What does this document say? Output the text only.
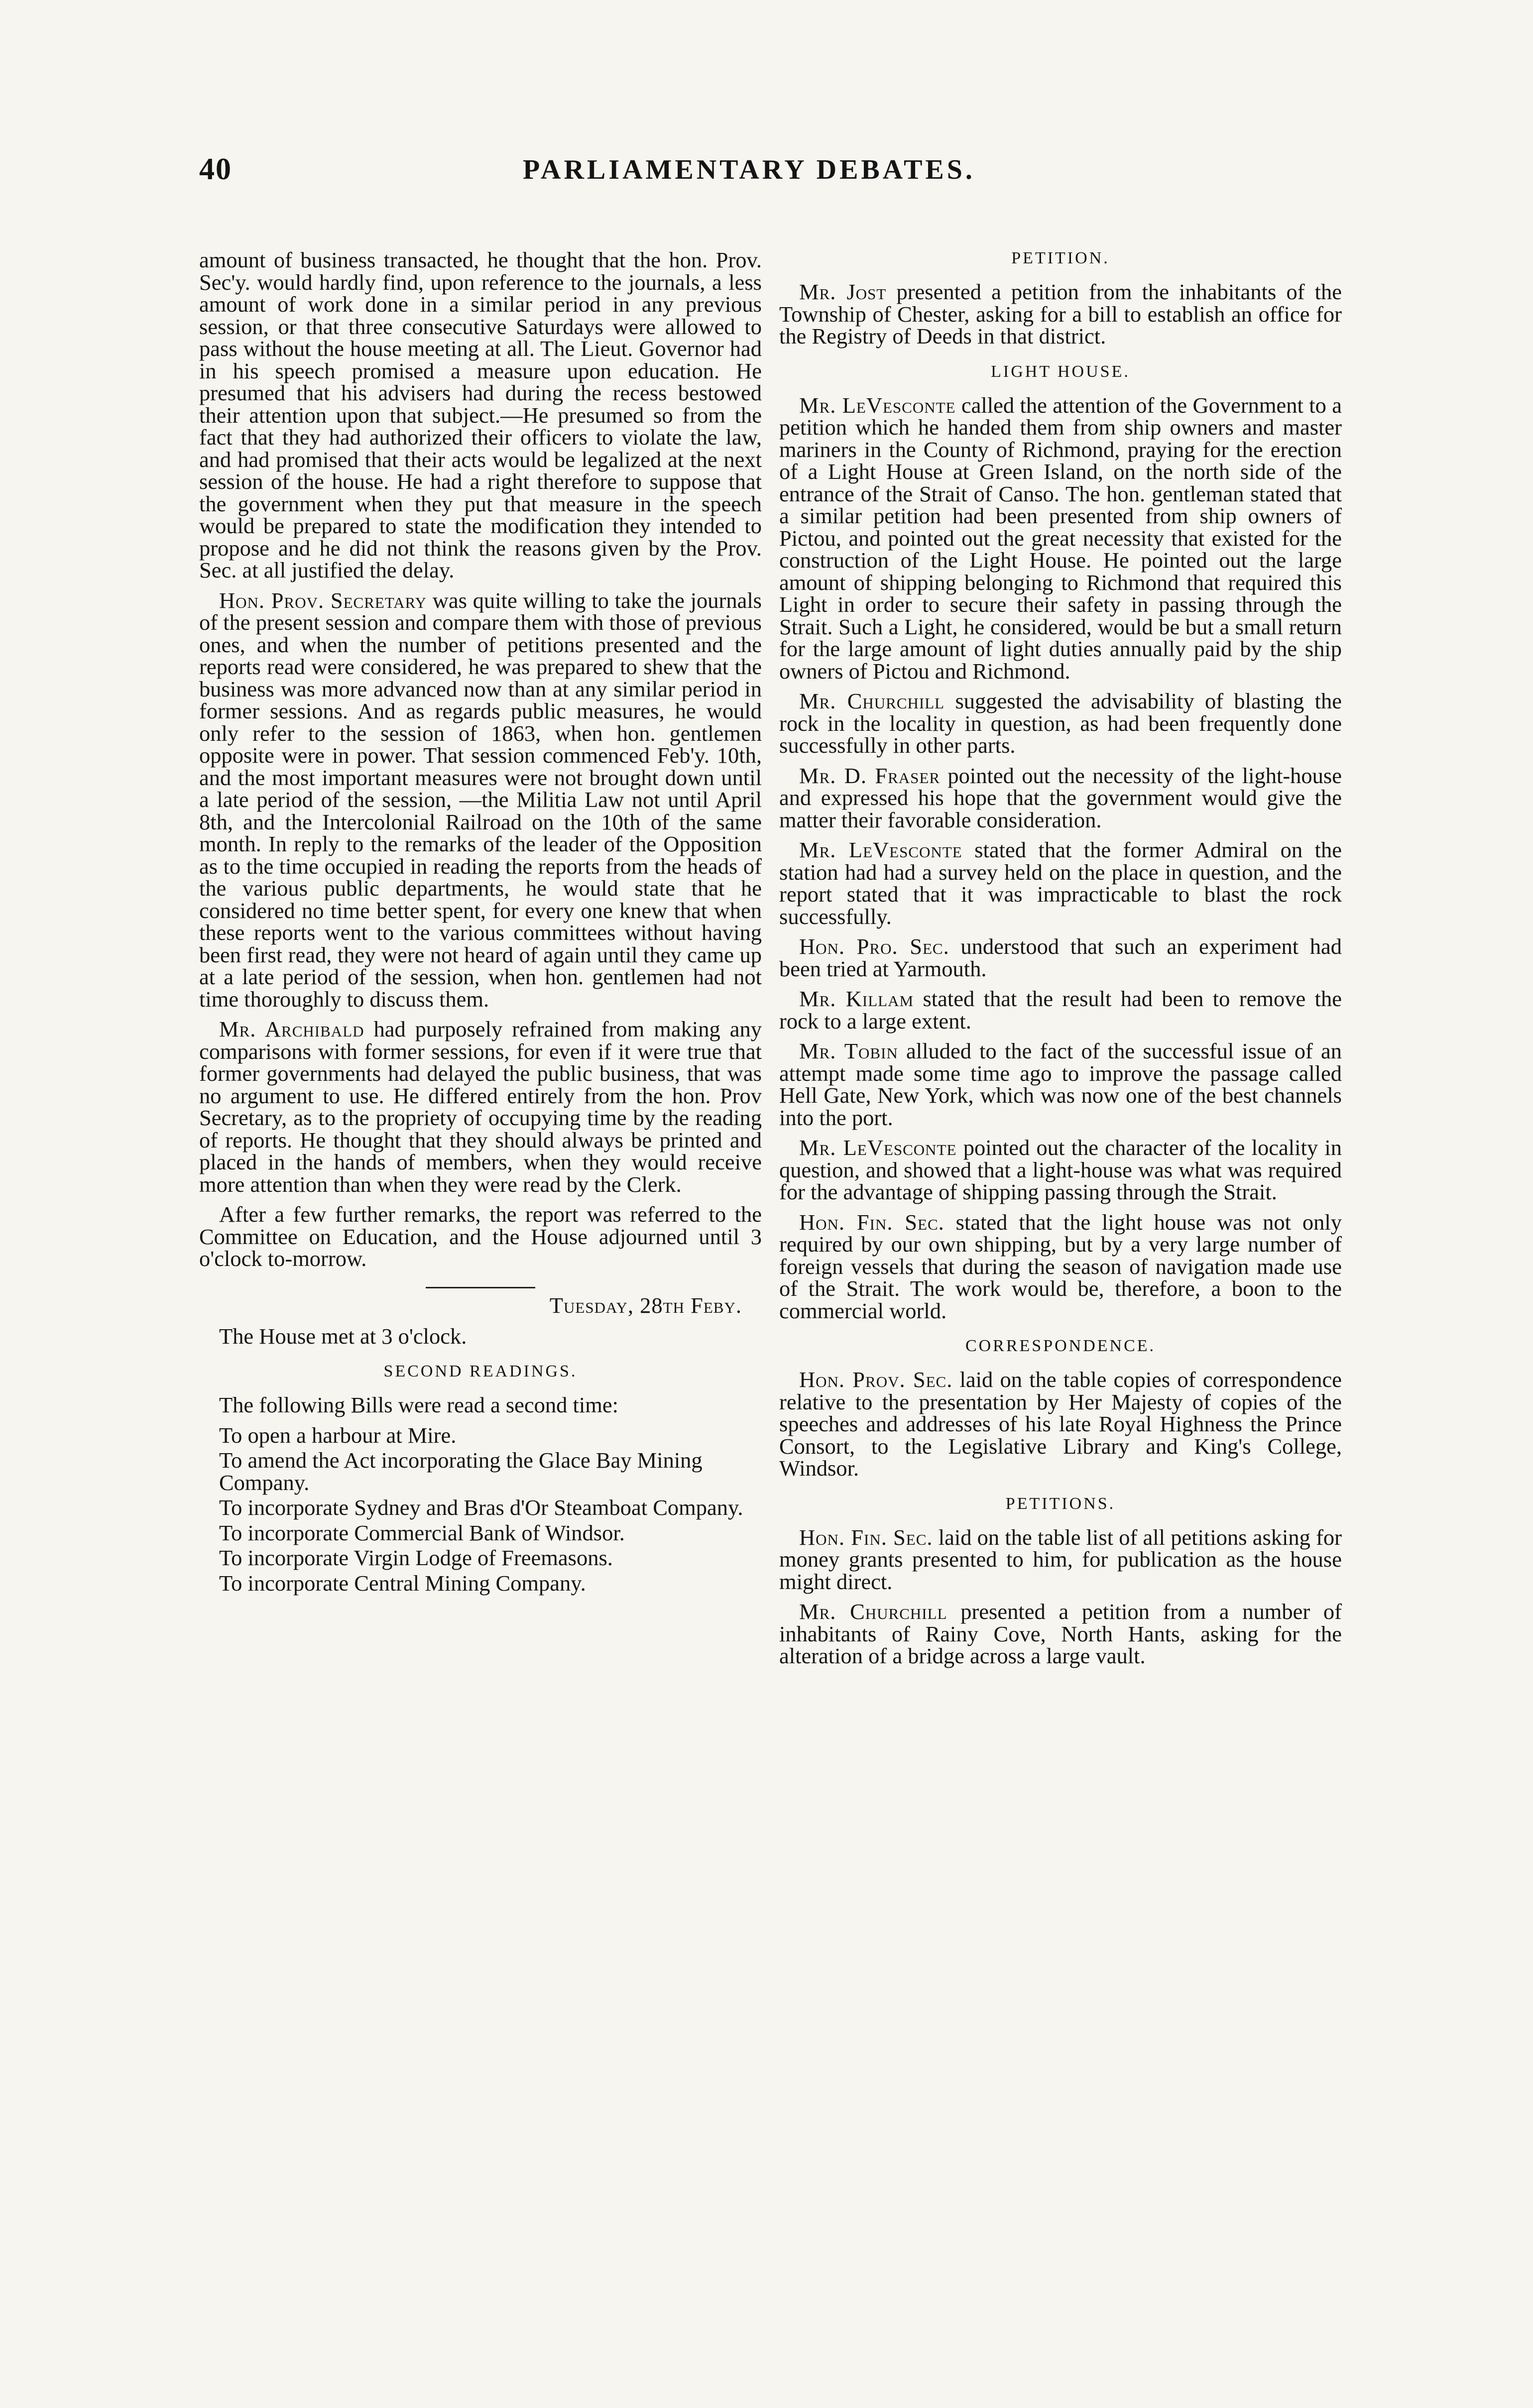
40	PARLIAMENTARY DEBATES.

amount of business transacted, he thought that the hon. Prov. Sec'y. would hardly find, upon reference to the journals, a less amount of work done in a similar period in any previous session, or that three consecutive Saturdays were allowed to pass without the house meeting at all. The Lieut. Governor had in his speech promised a measure upon education. He presumed that his advisers had during the recess bestowed their attention upon that subject.—He presumed so from the fact that they had authorized their officers to violate the law, and had promised that their acts would be legalized at the next session of the house. He had a right therefore to suppose that the government when they put that measure in the speech would be prepared to state the modification they intended to propose and he did not think the reasons given by the Prov. Sec. at all justified the delay.

Hon. Prov. Secretary was quite willing to take the journals of the present session and compare them with those of previous ones, and when the number of petitions presented and the reports read were considered, he was prepared to shew that the business was more advanced now than at any similar period in former sessions. And as regards public measures, he would only refer to the session of 1863, when hon. gentlemen opposite were in power. That session commenced Feb'y. 10th, and the most important measures were not brought down until a late period of the session, —the Militia Law not until April 8th, and the Intercolonial Railroad on the 10th of the same month. In reply to the remarks of the leader of the Opposition as to the time occupied in reading the reports from the heads of the various public departments, he would state that he considered no time better spent, for every one knew that when these reports went to the various committees without having been first read, they were not heard of again until they came up at a late period of the session, when hon. gentlemen had not time thoroughly to discuss them.

Mr. Archibald had purposely refrained from making any comparisons with former sessions, for even if it were true that former governments had delayed the public business, that was no argument to use. He differed entirely from the hon. Prov Secretary, as to the propriety of occupying time by the reading of reports. He thought that they should always be printed and placed in the hands of members, when they would receive more attention than when they were read by the Clerk.

After a few further remarks, the report was referred to the Committee on Education, and the House adjourned until 3 o'clock to-morrow.

Tuesday, 28th Feby.

The House met at 3 o'clock.

SECOND READINGS.

The following Bills were read a second time:

To open a harbour at Mire.
To amend the Act incorporating the Glace Bay Mining Company.
To incorporate Sydney and Bras d'Or Steamboat Company.
To incorporate Commercial Bank of Windsor.
To incorporate Virgin Lodge of Freemasons.
To incorporate Central Mining Company.
PETITION.

Mr. Jost presented a petition from the inhabitants of the Township of Chester, asking for a bill to establish an office for the Registry of Deeds in that district.

LIGHT HOUSE.

Mr. LeVesconte called the attention of the Government to a petition which he handed them from ship owners and master mariners in the County of Richmond, praying for the erection of a Light House at Green Island, on the north side of the entrance of the Strait of Canso. The hon. gentleman stated that a similar petition had been presented from ship owners of Pictou, and pointed out the great necessity that existed for the construction of the Light House. He pointed out the large amount of shipping belonging to Richmond that required this Light in order to secure their safety in passing through the Strait. Such a Light, he considered, would be but a small return for the large amount of light duties annually paid by the ship owners of Pictou and Richmond.

Mr. Churchill suggested the advisability of blasting the rock in the locality in question, as had been frequently done successfully in other parts.

Mr. D. Fraser pointed out the necessity of the light-house and expressed his hope that the government would give the matter their favorable consideration.

Mr. LeVesconte stated that the former Admiral on the station had had a survey held on the place in question, and the report stated that it was impracticable to blast the rock successfully.

Hon. Pro. Sec. understood that such an experiment had been tried at Yarmouth.

Mr. Killam stated that the result had been to remove the rock to a large extent.

Mr. Tobin alluded to the fact of the successful issue of an attempt made some time ago to improve the passage called Hell Gate, New York, which was now one of the best channels into the port.

Mr. LeVesconte pointed out the character of the locality in question, and showed that a light-house was what was required for the advantage of shipping passing through the Strait.

Hon. Fin. Sec. stated that the light house was not only required by our own shipping, but by a very large number of foreign vessels that during the season of navigation made use of the Strait. The work would be, therefore, a boon to the commercial world.

CORRESPONDENCE.

Hon. Prov. Sec. laid on the table copies of correspondence relative to the presentation by Her Majesty of copies of the speeches and addresses of his late Royal Highness the Prince Consort, to the Legislative Library and King's College, Windsor.

PETITIONS.

Hon. Fin. Sec. laid on the table list of all petitions asking for money grants presented to him, for publication as the house might direct.

Mr. Churchill presented a petition from a number of inhabitants of Rainy Cove, North Hants, asking for the alteration of a bridge across a large vault.
